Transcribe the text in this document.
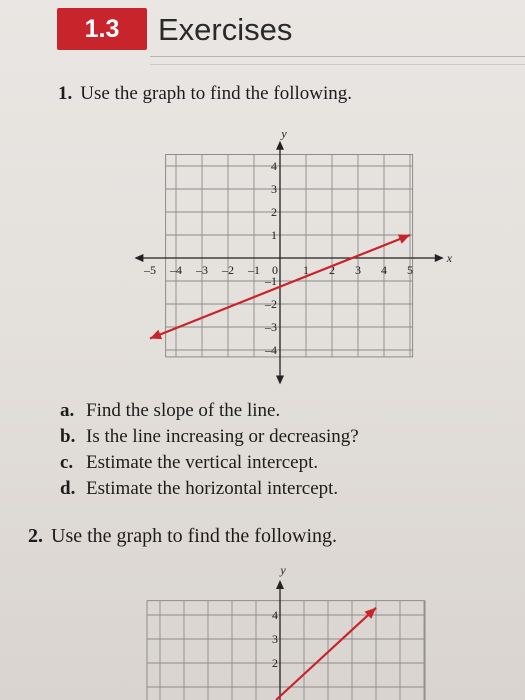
1.3	Exercises
1. Use the graph to find the following.
y
x
–5 –4 –3 –2 –1 0 1 2 3 4 5
4
3
2
1
–1
–2
–3
–4
a. Find the slope of the line.
b. Is the line increasing or decreasing?
c. Estimate the vertical intercept.
d. Estimate the horizontal intercept.
2. Use the graph to find the following.
y
4
3
2
